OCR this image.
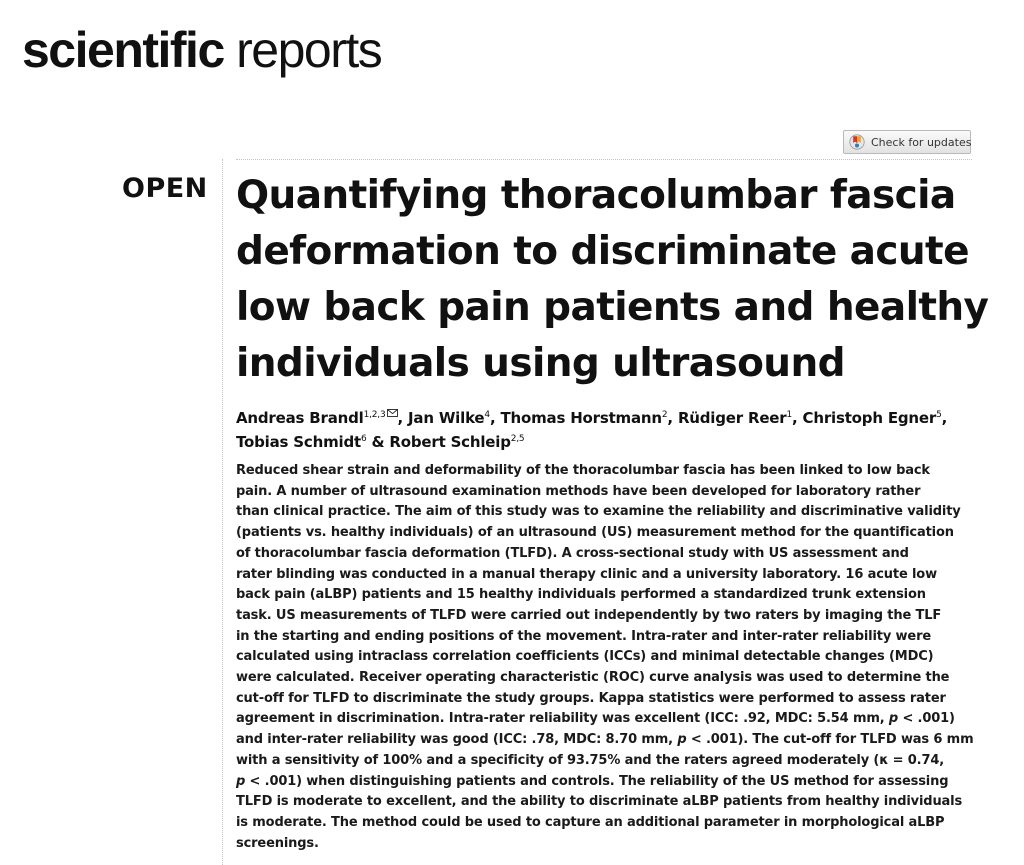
scientific reports
Check for updates
OPEN Quantifying thoracolumbar fascia deformation to discriminate acute low back pain patients and healthy individuals using ultrasound

Andreas Brandl$^{1,2,3}$ , Jan Wilke$^4$, Thomas Horstmann$^2$, Rüdiger Reer$^1$, Christoph Egner$^5$,
Tobias Schmidt$^6$ & Robert Schleip$^{2,5}$

Reduced shear strain and deformability of the thoracolumbar fascia has been linked to low back
pain. A number of ultrasound examination methods have been developed for laboratory rather
than clinical practice. The aim of this study was to examine the reliability and discriminative validity
(patients vs. healthy individuals) of an ultrasound (US) measurement method for the quantification
of thoracolumbar fascia deformation (TLFD). A cross-sectional study with US assessment and
rater blinding was conducted in a manual therapy clinic and a university laboratory. 16 acute low
back pain (aLBP) patients and 15 healthy individuals performed a standardized trunk extension
task. US measurements of TLFD were carried out independently by two raters by imaging the TLF
in the starting and ending positions of the movement. Intra-rater and inter-rater reliability were
calculated using intraclass correlation coefficients (ICCs) and minimal detectable changes (MDC)
were calculated. Receiver operating characteristic (ROC) curve analysis was used to determine the
cut-off for TLFD to discriminate the study groups. Kappa statistics were performed to assess rater
agreement in discrimination. Intra-rater reliability was excellent (ICC: .92, MDC: 5.54 mm, p < .001)
and inter-rater reliability was good (ICC: .78, MDC: 8.70 mm, p < .001). The cut-off for TLFD was 6 mm
with a sensitivity of 100% and a specificity of 93.75% and the raters agreed moderately (κ = 0.74,
p < .001) when distinguishing patients and controls. The reliability of the US method for assessing
TLFD is moderate to excellent, and the ability to discriminate aLBP patients from healthy individuals
is moderate. The method could be used to capture an additional parameter in morphological aLBP
screenings.
